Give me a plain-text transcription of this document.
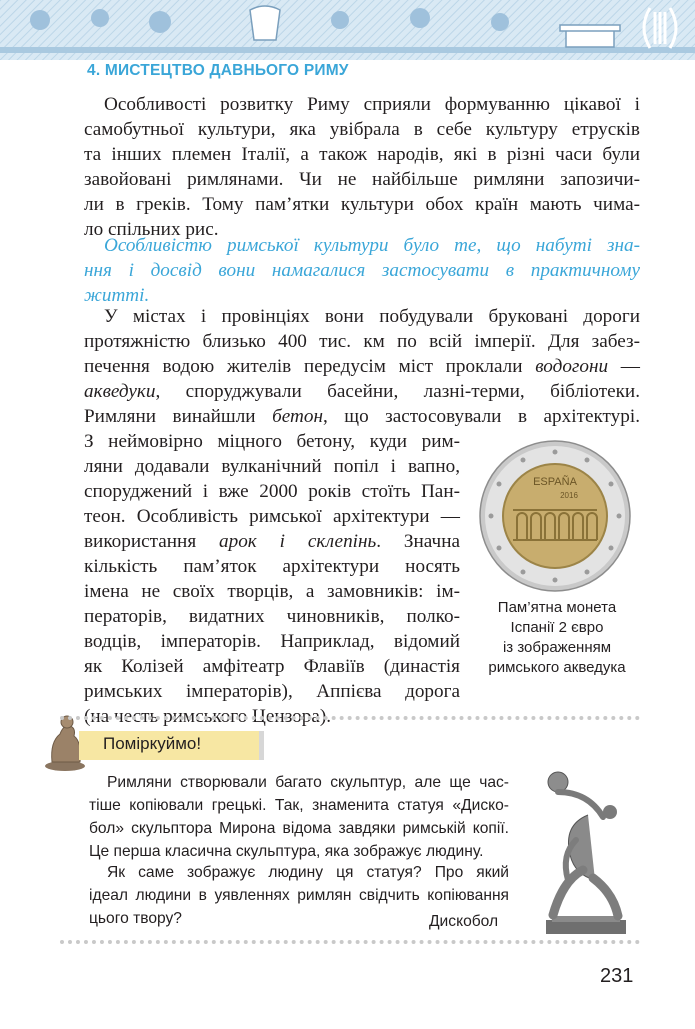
4. МИСТЕЦТВО ДАВНЬОГО РИМУ
Особливості розвитку Риму сприяли формуванню цікавої і
самобутньої культури, яка увібрала в себе культуру етрусків
та інших племен Італії, а також народів, які в різні часи були
завойовані римлянами. Чи не найбільше римляни запозичи-
ли в греків. Тому пам’ятки культури обох країн мають чима-
ло спільних рис.
Особливістю римської культури було те, що набуті зна-
ння і досвід вони намагалися застосувати в практичному
житті.
У містах і провінціях вони побудували бруковані дороги
протяжністю близько 400 тис. км по всій імперії. Для забез-
печення водою жителів передусім міст проклали водогони —
акведуки, споруджували басейни, лазні-терми, бібліотеки.
Римляни винайшли бетон, що застосовували в архітектурі.
З неймовірно міцного бетону, куди рим-
ляни додавали вулканічний попіл і вапно,
споруджений і вже 2000 років стоїть Пан-
теон. Особливість римської архітектури —
використання арок і склепінь. Значна
кількість пам’яток архітектури носять
імена не своїх творців, а замовників: ім-
ператорів, видатних чиновників, полко-
водців, імператорів. Наприклад, відомий
як Колізей амфітеатр Флавіїв (династія
римських імператорів), Аппієва дорога
(на честь римського Цензора).
ESPAÑA
2016
Пам’ятна монета
Іспанії 2 євро
із зображенням
римського акведука
Поміркуймо!
Римляни створювали багато скульптур, але ще час-
тіше копіювали грецькі. Так, знаменита статуя «Диско-
бол» скульптора Мирона відома завдяки римській копії.
Це перша класична скульптура, яка зображує людину.
Як саме зображує людину ця статуя? Про який
ідеал людини в уявленнях римлян свідчить копіювання
цього твору?	Дискобол
231
